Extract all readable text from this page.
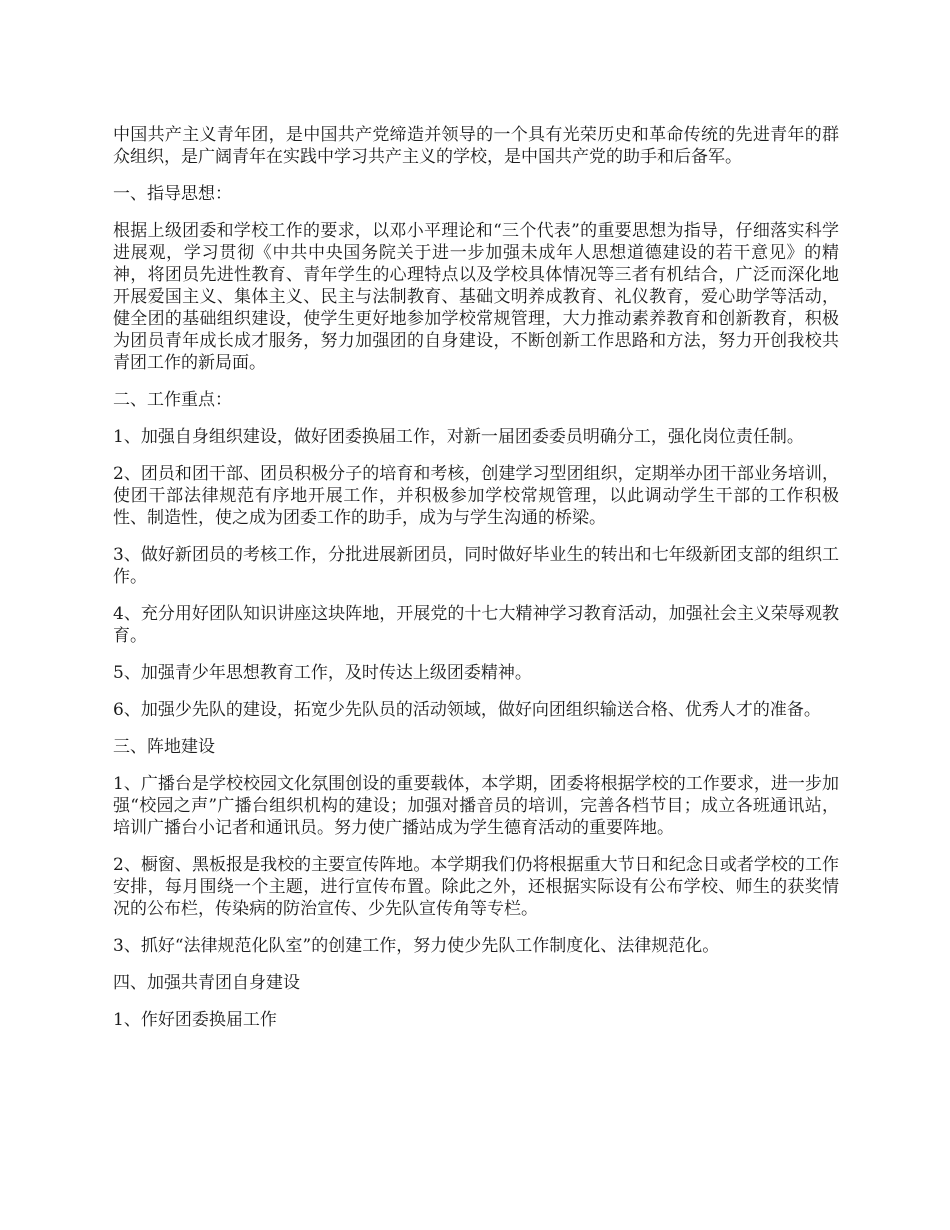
中国共产主义青年团，是中国共产党缔造并领导的一个具有光荣历史和革命传统的先进青年的群众组织，是广阔青年在实践中学习共产主义的学校，是中国共产党的助手和后备军。

一、指导思想：

根据上级团委和学校工作的要求，以邓小平理论和“三个代表”的重要思想为指导，仔细落实科学进展观，学习贯彻《中共中央国务院关于进一步加强未成年人思想道德建设的若干意见》的精神，将团员先进性教育、青年学生的心理特点以及学校具体情况等三者有机结合，广泛而深化地开展爱国主义、集体主义、民主与法制教育、基础文明养成教育、礼仪教育，爱心助学等活动，健全团的基础组织建设，使学生更好地参加学校常规管理，大力推动素养教育和创新教育，积极为团员青年成长成才服务，努力加强团的自身建设，不断创新工作思路和方法，努力开创我校共青团工作的新局面。

二、工作重点：

1、加强自身组织建设，做好团委换届工作，对新一届团委委员明确分工，强化岗位责任制。

2、团员和团干部、团员积极分子的培育和考核，创建学习型团组织，定期举办团干部业务培训，使团干部法律规范有序地开展工作，并积极参加学校常规管理，以此调动学生干部的工作积极性、制造性，使之成为团委工作的助手，成为与学生沟通的桥梁。

3、做好新团员的考核工作，分批进展新团员，同时做好毕业生的转出和七年级新团支部的组织工作。

4、充分用好团队知识讲座这块阵地，开展党的十七大精神学习教育活动，加强社会主义荣辱观教育。

5、加强青少年思想教育工作，及时传达上级团委精神。

6、加强少先队的建设，拓宽少先队员的活动领域，做好向团组织输送合格、优秀人才的准备。

三、阵地建设

1、广播台是学校校园文化氛围创设的重要载体，本学期，团委将根据学校的工作要求，进一步加强“校园之声”广播台组织机构的建设；加强对播音员的培训，完善各档节目；成立各班通讯站，培训广播台小记者和通讯员。努力使广播站成为学生德育活动的重要阵地。

2、橱窗、黑板报是我校的主要宣传阵地。本学期我们仍将根据重大节日和纪念日或者学校的工作安排，每月围绕一个主题，进行宣传布置。除此之外，还根据实际设有公布学校、师生的获奖情况的公布栏，传染病的防治宣传、少先队宣传角等专栏。

3、抓好“法律规范化队室”的创建工作，努力使少先队工作制度化、法律规范化。

四、加强共青团自身建设

1、作好团委换届工作
